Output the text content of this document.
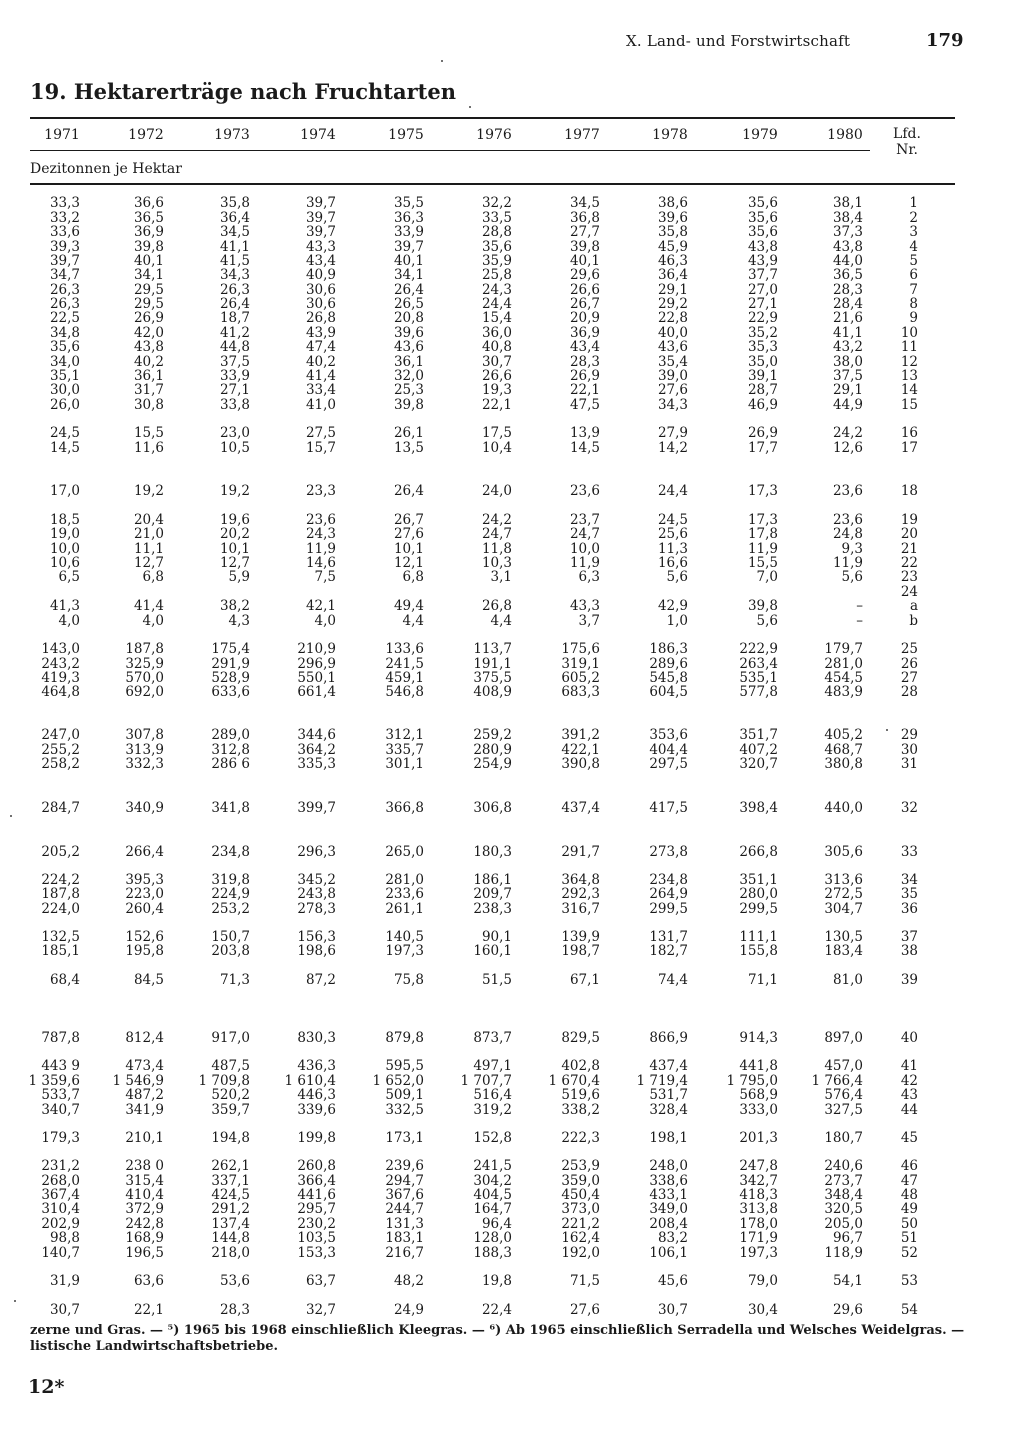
X. Land- und Forstwirtschaft	179
19. Hektarerträge nach Fruchtarten
1971	1972	1973	1974	1975	1976	1977	1978	1979	1980	Lfd.
Nr.
Dezitonnen je Hektar
33,3	36,6	35,8	39,7	35,5	32,2	34,5	38,6	35,6	38,1	1
33,2	36,5	36,4	39,7	36,3	33,5	36,8	39,6	35,6	38,4	2
33,6	36,9	34,5	39,7	33,9	28,8	27,7	35,8	35,6	37,3	3
39,3	39,8	41,1	43,3	39,7	35,6	39,8	45,9	43,8	43,8	4
39,7	40,1	41,5	43,4	40,1	35,9	40,1	46,3	43,9	44,0	5
34,7	34,1	34,3	40,9	34,1	25,8	29,6	36,4	37,7	36,5	6
26,3	29,5	26,3	30,6	26,4	24,3	26,6	29,1	27,0	28,3	7
26,3	29,5	26,4	30,6	26,5	24,4	26,7	29,2	27,1	28,4	8
22,5	26,9	18,7	26,8	20,8	15,4	20,9	22,8	22,9	21,6	9
34,8	42,0	41,2	43,9	39,6	36,0	36,9	40,0	35,2	41,1	10
35,6	43,8	44,8	47,4	43,6	40,8	43,4	43,6	35,3	43,2	11
34,0	40,2	37,5	40,2	36,1	30,7	28,3	35,4	35,0	38,0	12
35,1	36,1	33,9	41,4	32,0	26,6	26,9	39,0	39,1	37,5	13
30,0	31,7	27,1	33,4	25,3	19,3	22,1	27,6	28,7	29,1	14
26,0	30,8	33,8	41,0	39,8	22,1	47,5	34,3	46,9	44,9	15
24,5	15,5	23,0	27,5	26,1	17,5	13,9	27,9	26,9	24,2	16
14,5	11,6	10,5	15,7	13,5	10,4	14,5	14,2	17,7	12,6	17
17,0	19,2	19,2	23,3	26,4	24,0	23,6	24,4	17,3	23,6	18
18,5	20,4	19,6	23,6	26,7	24,2	23,7	24,5	17,3	23,6	19
19,0	21,0	20,2	24,3	27,6	24,7	24,7	25,6	17,8	24,8	20
10,0	11,1	10,1	11,9	10,1	11,8	10,0	11,3	11,9	9,3	21
10,6	12,7	12,7	14,6	12,1	10,3	11,9	16,6	15,5	11,9	22
6,5	6,8	5,9	7,5	6,8	3,1	6,3	5,6	7,0	5,6	23
24
41,3	41,4	38,2	42,1	49,4	26,8	43,3	42,9	39,8	–	a
4,0	4,0	4,3	4,0	4,4	4,4	3,7	1,0	5,6	–	b
143,0	187,8	175,4	210,9	133,6	113,7	175,6	186,3	222,9	179,7	25
243,2	325,9	291,9	296,9	241,5	191,1	319,1	289,6	263,4	281,0	26
419,3	570,0	528,9	550,1	459,1	375,5	605,2	545,8	535,1	454,5	27
464,8	692,0	633,6	661,4	546,8	408,9	683,3	604,5	577,8	483,9	28
247,0	307,8	289,0	344,6	312,1	259,2	391,2	353,6	351,7	405,2	29
255,2	313,9	312,8	364,2	335,7	280,9	422,1	404,4	407,2	468,7	30
258,2	332,3	286 6	335,3	301,1	254,9	390,8	297,5	320,7	380,8	31
284,7	340,9	341,8	399,7	366,8	306,8	437,4	417,5	398,4	440,0	32
205,2	266,4	234,8	296,3	265,0	180,3	291,7	273,8	266,8	305,6	33
224,2	395,3	319,8	345,2	281,0	186,1	364,8	234,8	351,1	313,6	34
187,8	223,0	224,9	243,8	233,6	209,7	292,3	264,9	280,0	272,5	35
224,0	260,4	253,2	278,3	261,1	238,3	316,7	299,5	299,5	304,7	36
132,5	152,6	150,7	156,3	140,5	90,1	139,9	131,7	111,1	130,5	37
185,1	195,8	203,8	198,6	197,3	160,1	198,7	182,7	155,8	183,4	38
68,4	84,5	71,3	87,2	75,8	51,5	67,1	74,4	71,1	81,0	39
787,8	812,4	917,0	830,3	879,8	873,7	829,5	866,9	914,3	897,0	40
443 9	473,4	487,5	436,3	595,5	497,1	402,8	437,4	441,8	457,0	41
1 359,6	1 546,9	1 709,8	1 610,4	1 652,0	1 707,7	1 670,4	1 719,4	1 795,0	1 766,4	42
533,7	487,2	520,2	446,3	509,1	516,4	519,6	531,7	568,9	576,4	43
340,7	341,9	359,7	339,6	332,5	319,2	338,2	328,4	333,0	327,5	44
179,3	210,1	194,8	199,8	173,1	152,8	222,3	198,1	201,3	180,7	45
231,2	238 0	262,1	260,8	239,6	241,5	253,9	248,0	247,8	240,6	46
268,0	315,4	337,1	366,4	294,7	304,2	359,0	338,6	342,7	273,7	47
367,4	410,4	424,5	441,6	367,6	404,5	450,4	433,1	418,3	348,4	48
310,4	372,9	291,2	295,7	244,7	164,7	373,0	349,0	313,8	320,5	49
202,9	242,8	137,4	230,2	131,3	96,4	221,2	208,4	178,0	205,0	50
98,8	168,9	144,8	103,5	183,1	128,0	162,4	83,2	171,9	96,7	51
140,7	196,5	218,0	153,3	216,7	188,3	192,0	106,1	197,3	118,9	52
31,9	63,6	53,6	63,7	48,2	19,8	71,5	45,6	79,0	54,1	53
30,7	22,1	28,3	32,7	24,9	22,4	27,6	30,7	30,4	29,6	54
zerne und Gras. — ⁵) 1965 bis 1968 einschließlich Kleegras. — ⁶) Ab 1965 einschließlich Serradella und Welsches Weidelgras. —
listische Landwirtschaftsbetriebe.
12*
